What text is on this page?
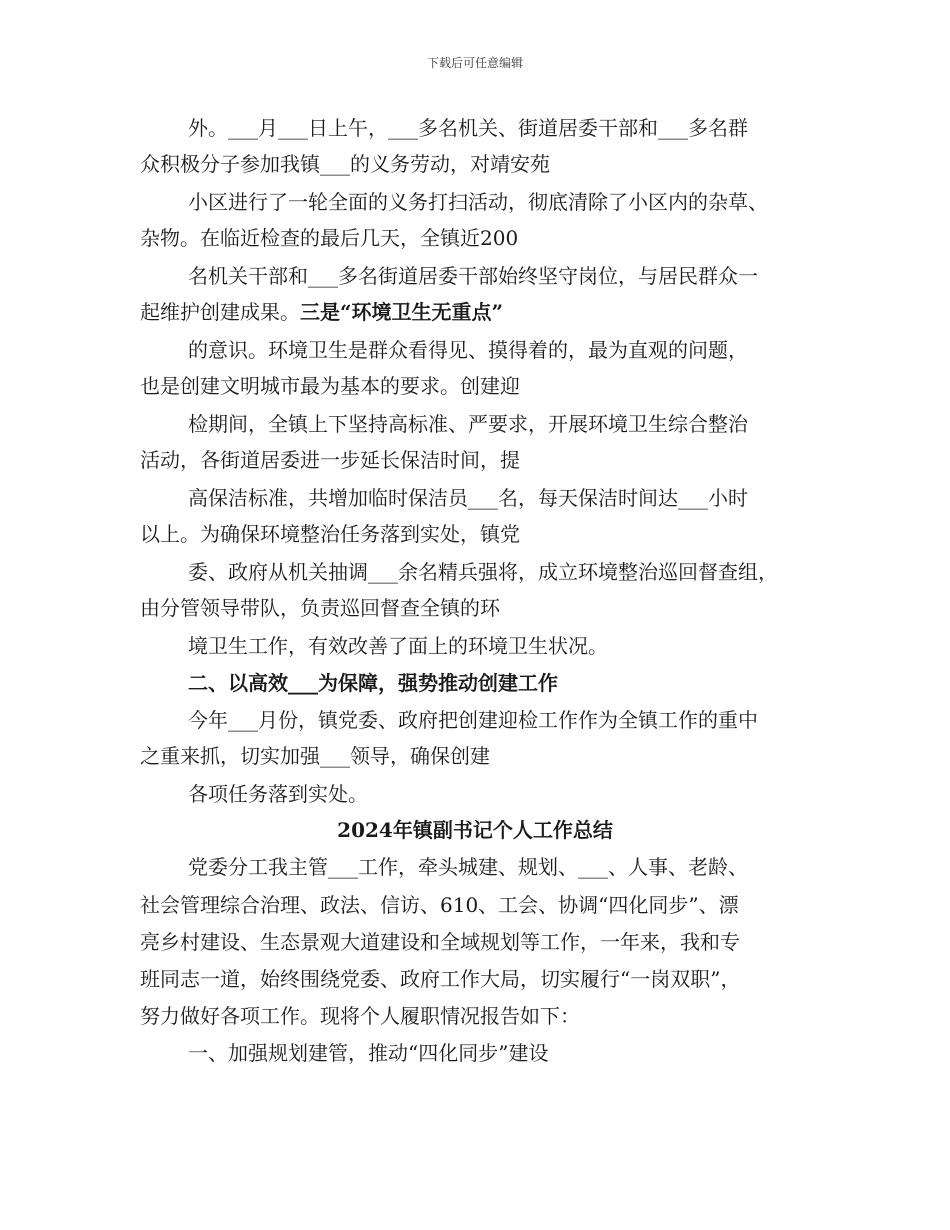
下载后可任意编辑
外。___月___日上午，___多名机关、街道居委干部和___多名群
众积极分子参加我镇___的义务劳动，对靖安苑
小区进行了一轮全面的义务打扫活动，彻底清除了小区内的杂草、
杂物。在临近检查的最后几天，全镇近200
名机关干部和___多名街道居委干部始终坚守岗位，与居民群众一
起维护创建成果。三是“环境卫生无重点”
的意识。环境卫生是群众看得见、摸得着的，最为直观的问题，
也是创建文明城市最为基本的要求。创建迎
检期间，全镇上下坚持高标准、严要求，开展环境卫生综合整治
活动，各街道居委进一步延长保洁时间，提
高保洁标准，共增加临时保洁员___名，每天保洁时间达___小时
以上。为确保环境整治任务落到实处，镇党
委、政府从机关抽调___余名精兵强将，成立环境整治巡回督查组，
由分管领导带队，负责巡回督查全镇的环
境卫生工作，有效改善了面上的环境卫生状况。
二、以高效___为保障，强势推动创建工作
今年___月份，镇党委、政府把创建迎检工作作为全镇工作的重中
之重来抓，切实加强___领导，确保创建
各项任务落到实处。
2024年镇副书记个人工作总结
党委分工我主管___工作，牵头城建、规划、___、人事、老龄、
社会管理综合治理、政法、信访、610、工会、协调“四化同步”、漂
亮乡村建设、生态景观大道建设和全域规划等工作，一年来，我和专
班同志一道，始终围绕党委、政府工作大局，切实履行“一岗双职”，
努力做好各项工作。现将个人履职情况报告如下：
一、加强规划建管，推动“四化同步”建设
